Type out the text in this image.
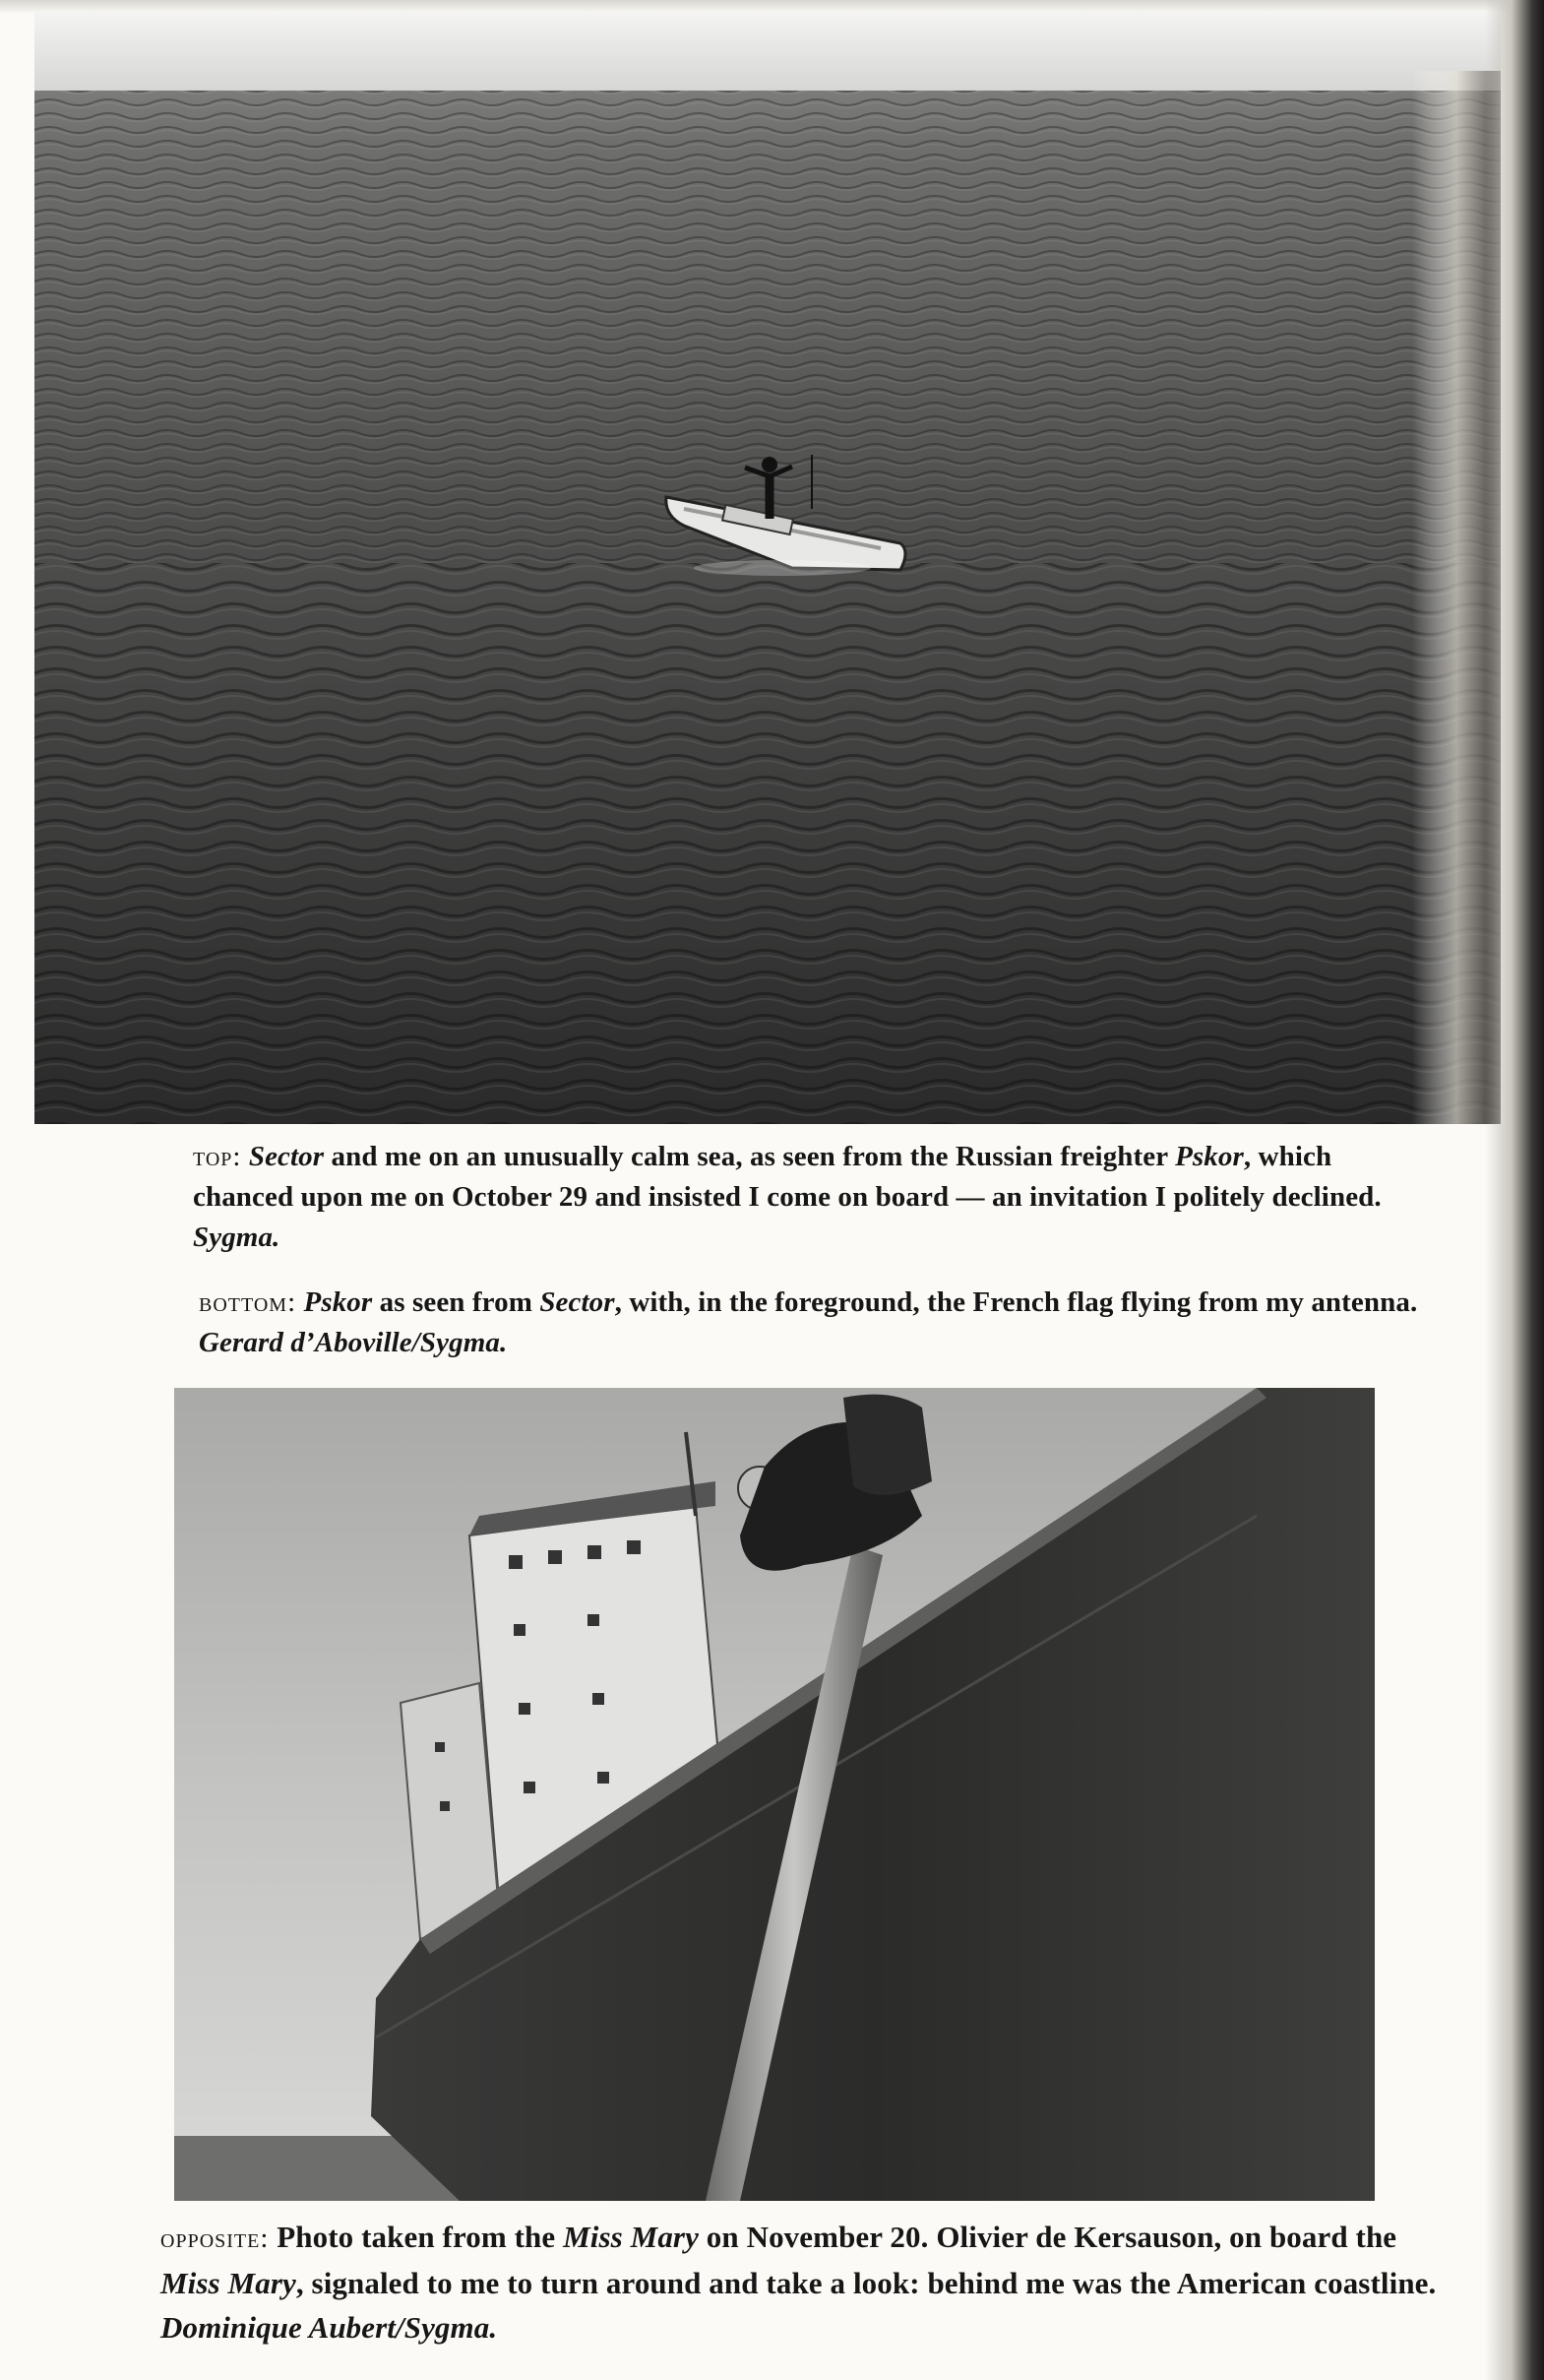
top: Sector and me on an unusually calm sea, as seen from the Russian freighter Pskor, which chanced upon me on October 29 and insisted I come on board — an invitation I politely declined. Sygma.

bottom: Pskor as seen from Sector, with, in the foreground, the French flag flying from my antenna. Gerard d’Aboville/Sygma.

opposite: Photo taken from the Miss Mary on November 20. Olivier de Kersauson, on board the Miss Mary, signaled to me to turn around and take a look: behind me was the American coastline. Dominique Aubert/Sygma.
